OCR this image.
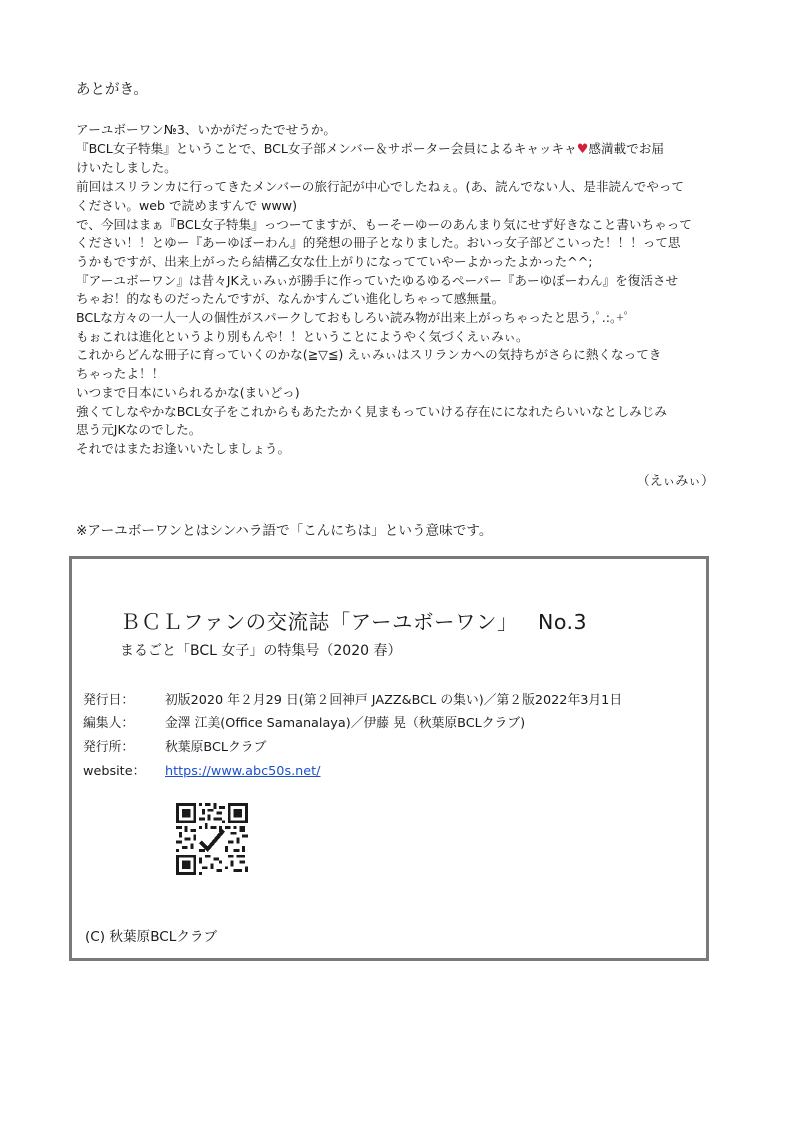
あとがき。
アーユボーワン№3、いかがだったでせうか。
『BCL女子特集』ということで、BCL女子部メンバー＆サポーター会員によるキャッキャ♥感満載でお届
けいたしました。
前回はスリランカに行ってきたメンバーの旅行記が中心でしたねぇ。(あ、読んでない人、是非読んでやって
ください。web で読めますんで www)
で、今回はまぁ『BCL女子特集』っつーてますが、もーそーゆーのあんまり気にせず好きなこと書いちゃって
ください！！とゆー『あーゆぼーわん』的発想の冊子となりました。おいっ女子部どこいった！！！って思
うかもですが、出来上がったら結構乙女な仕上がりになってていやーよかったよかった^^;
『アーユボーワン』は昔々JKえぃみぃが勝手に作っていたゆるゆるぺーパー『あーゆぼーわん』を復活させ
ちゃお！的なものだったんですが、なんかすんごい進化しちゃって感無量。
BCLな方々の一人一人の個性がスパークしておもしろい読み物が出来上がっちゃったと思う,ﾟ.:｡+ﾟ
もぉこれは進化というより別もんや！！ということにようやく気づくえぃみぃ。
これからどんな冊子に育っていくのかな(≧▽≦) えぃみぃはスリランカへの気持ちがさらに熱くなってき
ちゃったよ！！
いつまで日本にいられるかな(まいどっ)
強くてしなやかなBCL女子をこれからもあたたかく見まもっていける存在にになれたらいいなとしみじみ
思う元JKなのでした。
それではまたお逢いいたしましょう。
（えぃみぃ）
※アーユボーワンとはシンハラ語で「こんにちは」という意味です。
ＢＣＬファンの交流誌「アーユボーワン」 No.3
まるごと「BCL 女子」の特集号（2020 春）
発行日： 初版2020 年２月29 日(第２回神戸 JAZZ&BCL の集い)／第２版2022年3月1日
編集人： 金澤 江美(Office Samanalaya)／伊藤 晃（秋葉原BCLクラブ)
発行所： 秋葉原BCLクラブ
website： https://www.abc50s.net/
(C) 秋葉原BCLクラブ
